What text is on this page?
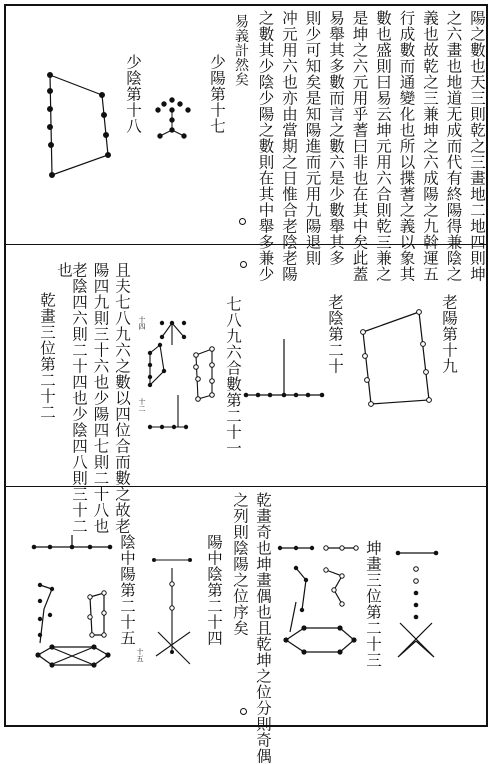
陽之數也天三則乾之三畫地二地四則坤
之六畫也地道无成而代有終陽得兼陰之
義也故乾之三兼坤之六成陽之九斡運五
行成數而通變化也所以揲蓍之義以象其
數也盛則曰易云坤元用六合則乾三兼之
是坤之六元用乎蓍曰非也在其中矣此蓋
易舉其多數而言之數六是少數舉其多
則少可知矣是知陽進而元用九陽退則
冲元用六也亦由當期之日惟合老陰老陽
之數其少陰少陽之數則在其中舉多兼少
易義計然矣
少陽第十七
少陰第十八
且夫七八九六之數以四位合而數之故老
陽四九則三十六也少陽四七則二十八也
老陰四六則二十四也少陰四八則三十二
也
乾畫三位第二十二	七八九六合數第二十一	老陰第二十	老陽第十九
十四
十二
乾畫奇也坤畫偶也且乾坤之位分則奇偶
之列則陰陽之位序矣	坤畫三位第二十三
陽中陰第二十四
陰中陽第二十五
十五
